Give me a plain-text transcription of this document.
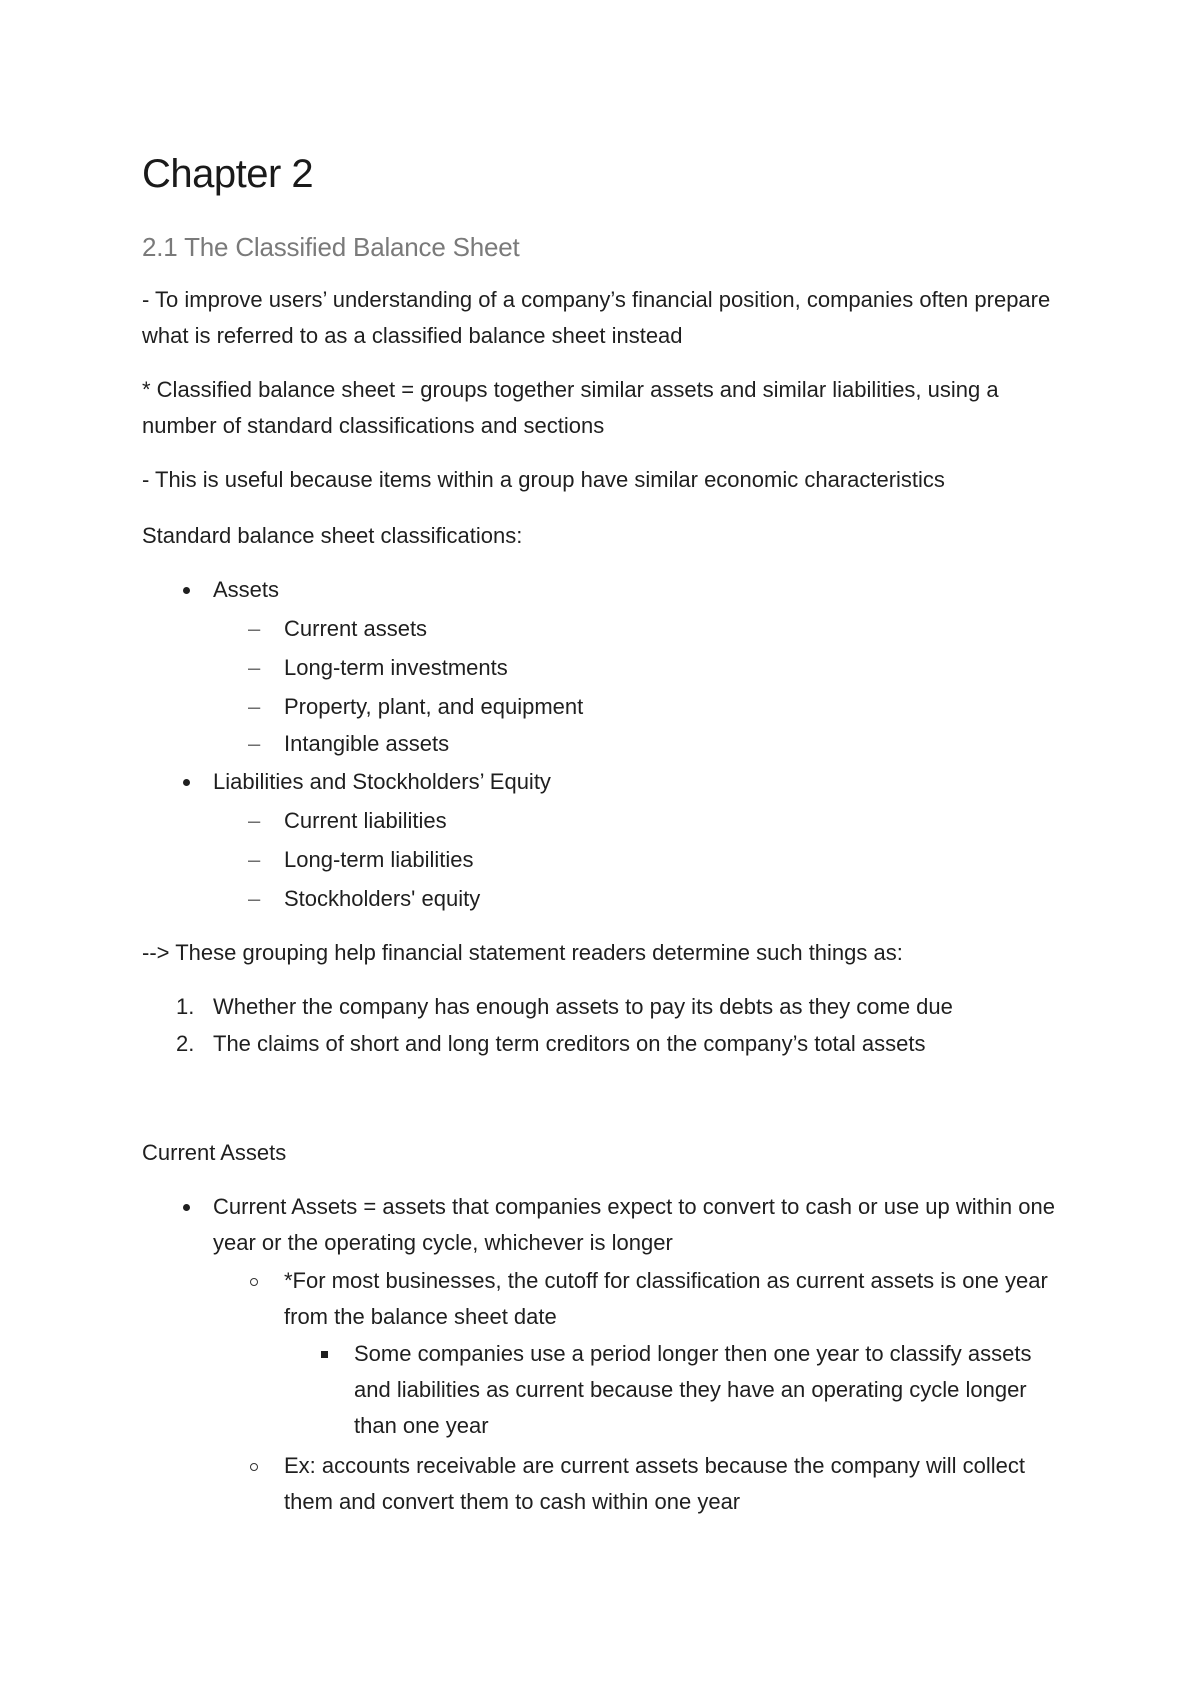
Chapter 2
2.1 The Classified Balance Sheet

- To improve users’ understanding of a company’s financial position, companies often prepare what is referred to as a classified balance sheet instead

* Classified balance sheet = groups together similar assets and similar liabilities, using a number of standard classifications and sections

- This is useful because items within a group have similar economic characteristics

Standard balance sheet classifications:

Assets
– Current assets
– Long-term investments
– Property, plant, and equipment
– Intangible assets
Liabilities and Stockholders’ Equity
– Current liabilities
– Long-term liabilities
– Stockholders' equity

--> These grouping help financial statement readers determine such things as:

1. Whether the company has enough assets to pay its debts as they come due
2. The claims of short and long term creditors on the company’s total assets

Current Assets

Current Assets = assets that companies expect to convert to cash or use up within one year or the operating cycle, whichever is longer
*For most businesses, the cutoff for classification as current assets is one year from the balance sheet date
Some companies use a period longer then one year to classify assets and liabilities as current because they have an operating cycle longer than one year
Ex: accounts receivable are current assets because the company will collect them and convert them to cash within one year
